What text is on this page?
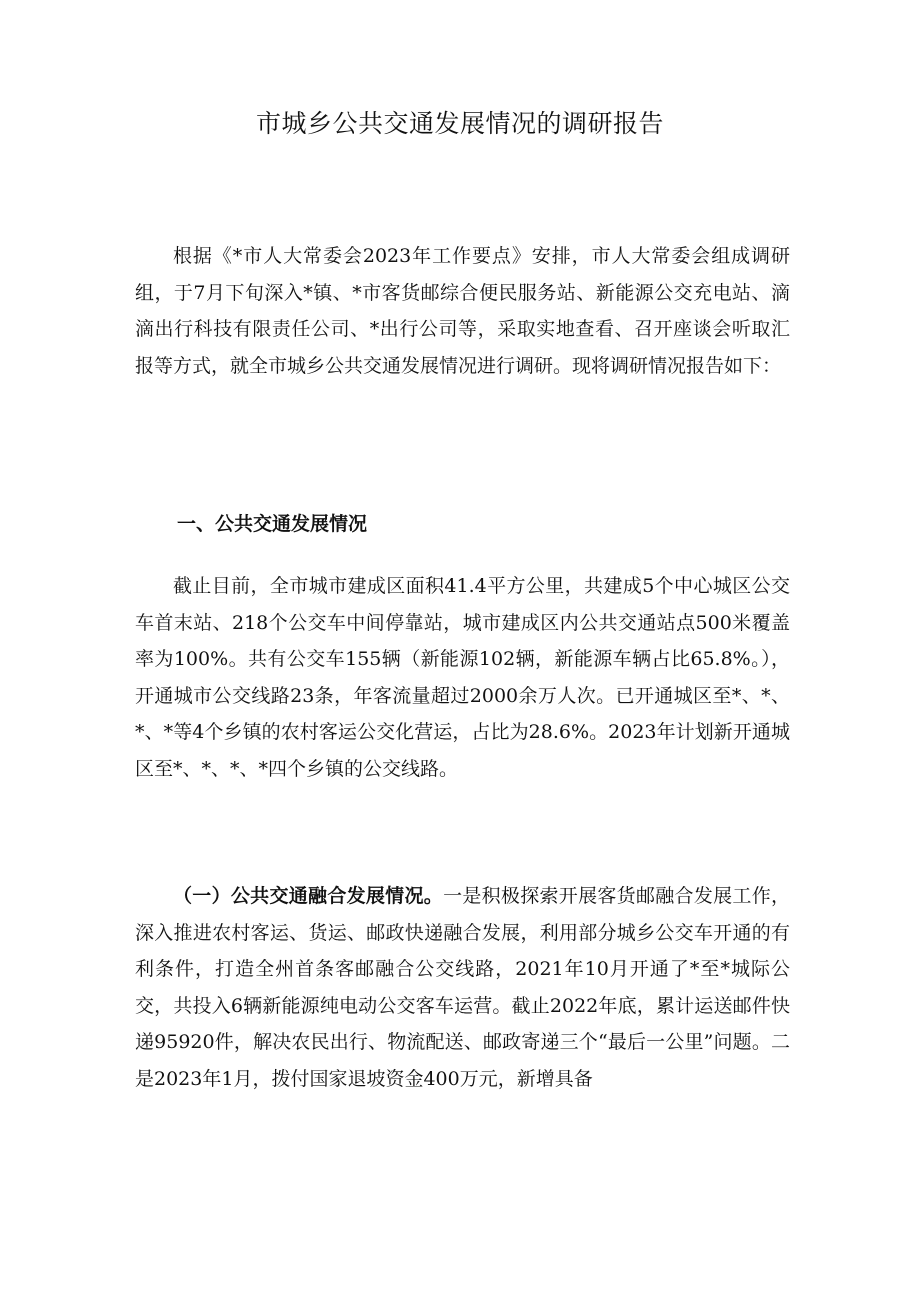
市城乡公共交通发展情况的调研报告

根据《*市人大常委会2023年工作要点》安排，市人大常委会组成调研组，于7月下旬深入*镇、*市客货邮综合便民服务站、新能源公交充电站、滴滴出行科技有限责任公司、*出行公司等，采取实地查看、召开座谈会听取汇报等方式，就全市城乡公共交通发展情况进行调研。现将调研情况报告如下：

一、公共交通发展情况

截止目前，全市城市建成区面积41.4平方公里，共建成5个中心城区公交车首末站、218个公交车中间停靠站，城市建成区内公共交通站点500米覆盖率为100%。共有公交车155辆（新能源102辆，新能源车辆占比65.8%。），开通城市公交线路23条，年客流量超过2000余万人次。已开通城区至*、*、*、*等4个乡镇的农村客运公交化营运，占比为28.6%。2023年计划新开通城区至*、*、*、*四个乡镇的公交线路。

（一）公共交通融合发展情况。一是积极探索开展客货邮融合发展工作，深入推进农村客运、货运、邮政快递融合发展，利用部分城乡公交车开通的有利条件，打造全州首条客邮融合公交线路，2021年10月开通了*至*城际公交，共投入6辆新能源纯电动公交客车运营。截止2022年底，累计运送邮件快递95920件，解决农民出行、物流配送、邮政寄递三个“最后一公里”问题。二是2023年1月，拨付国家退坡资金400万元，新增具备
